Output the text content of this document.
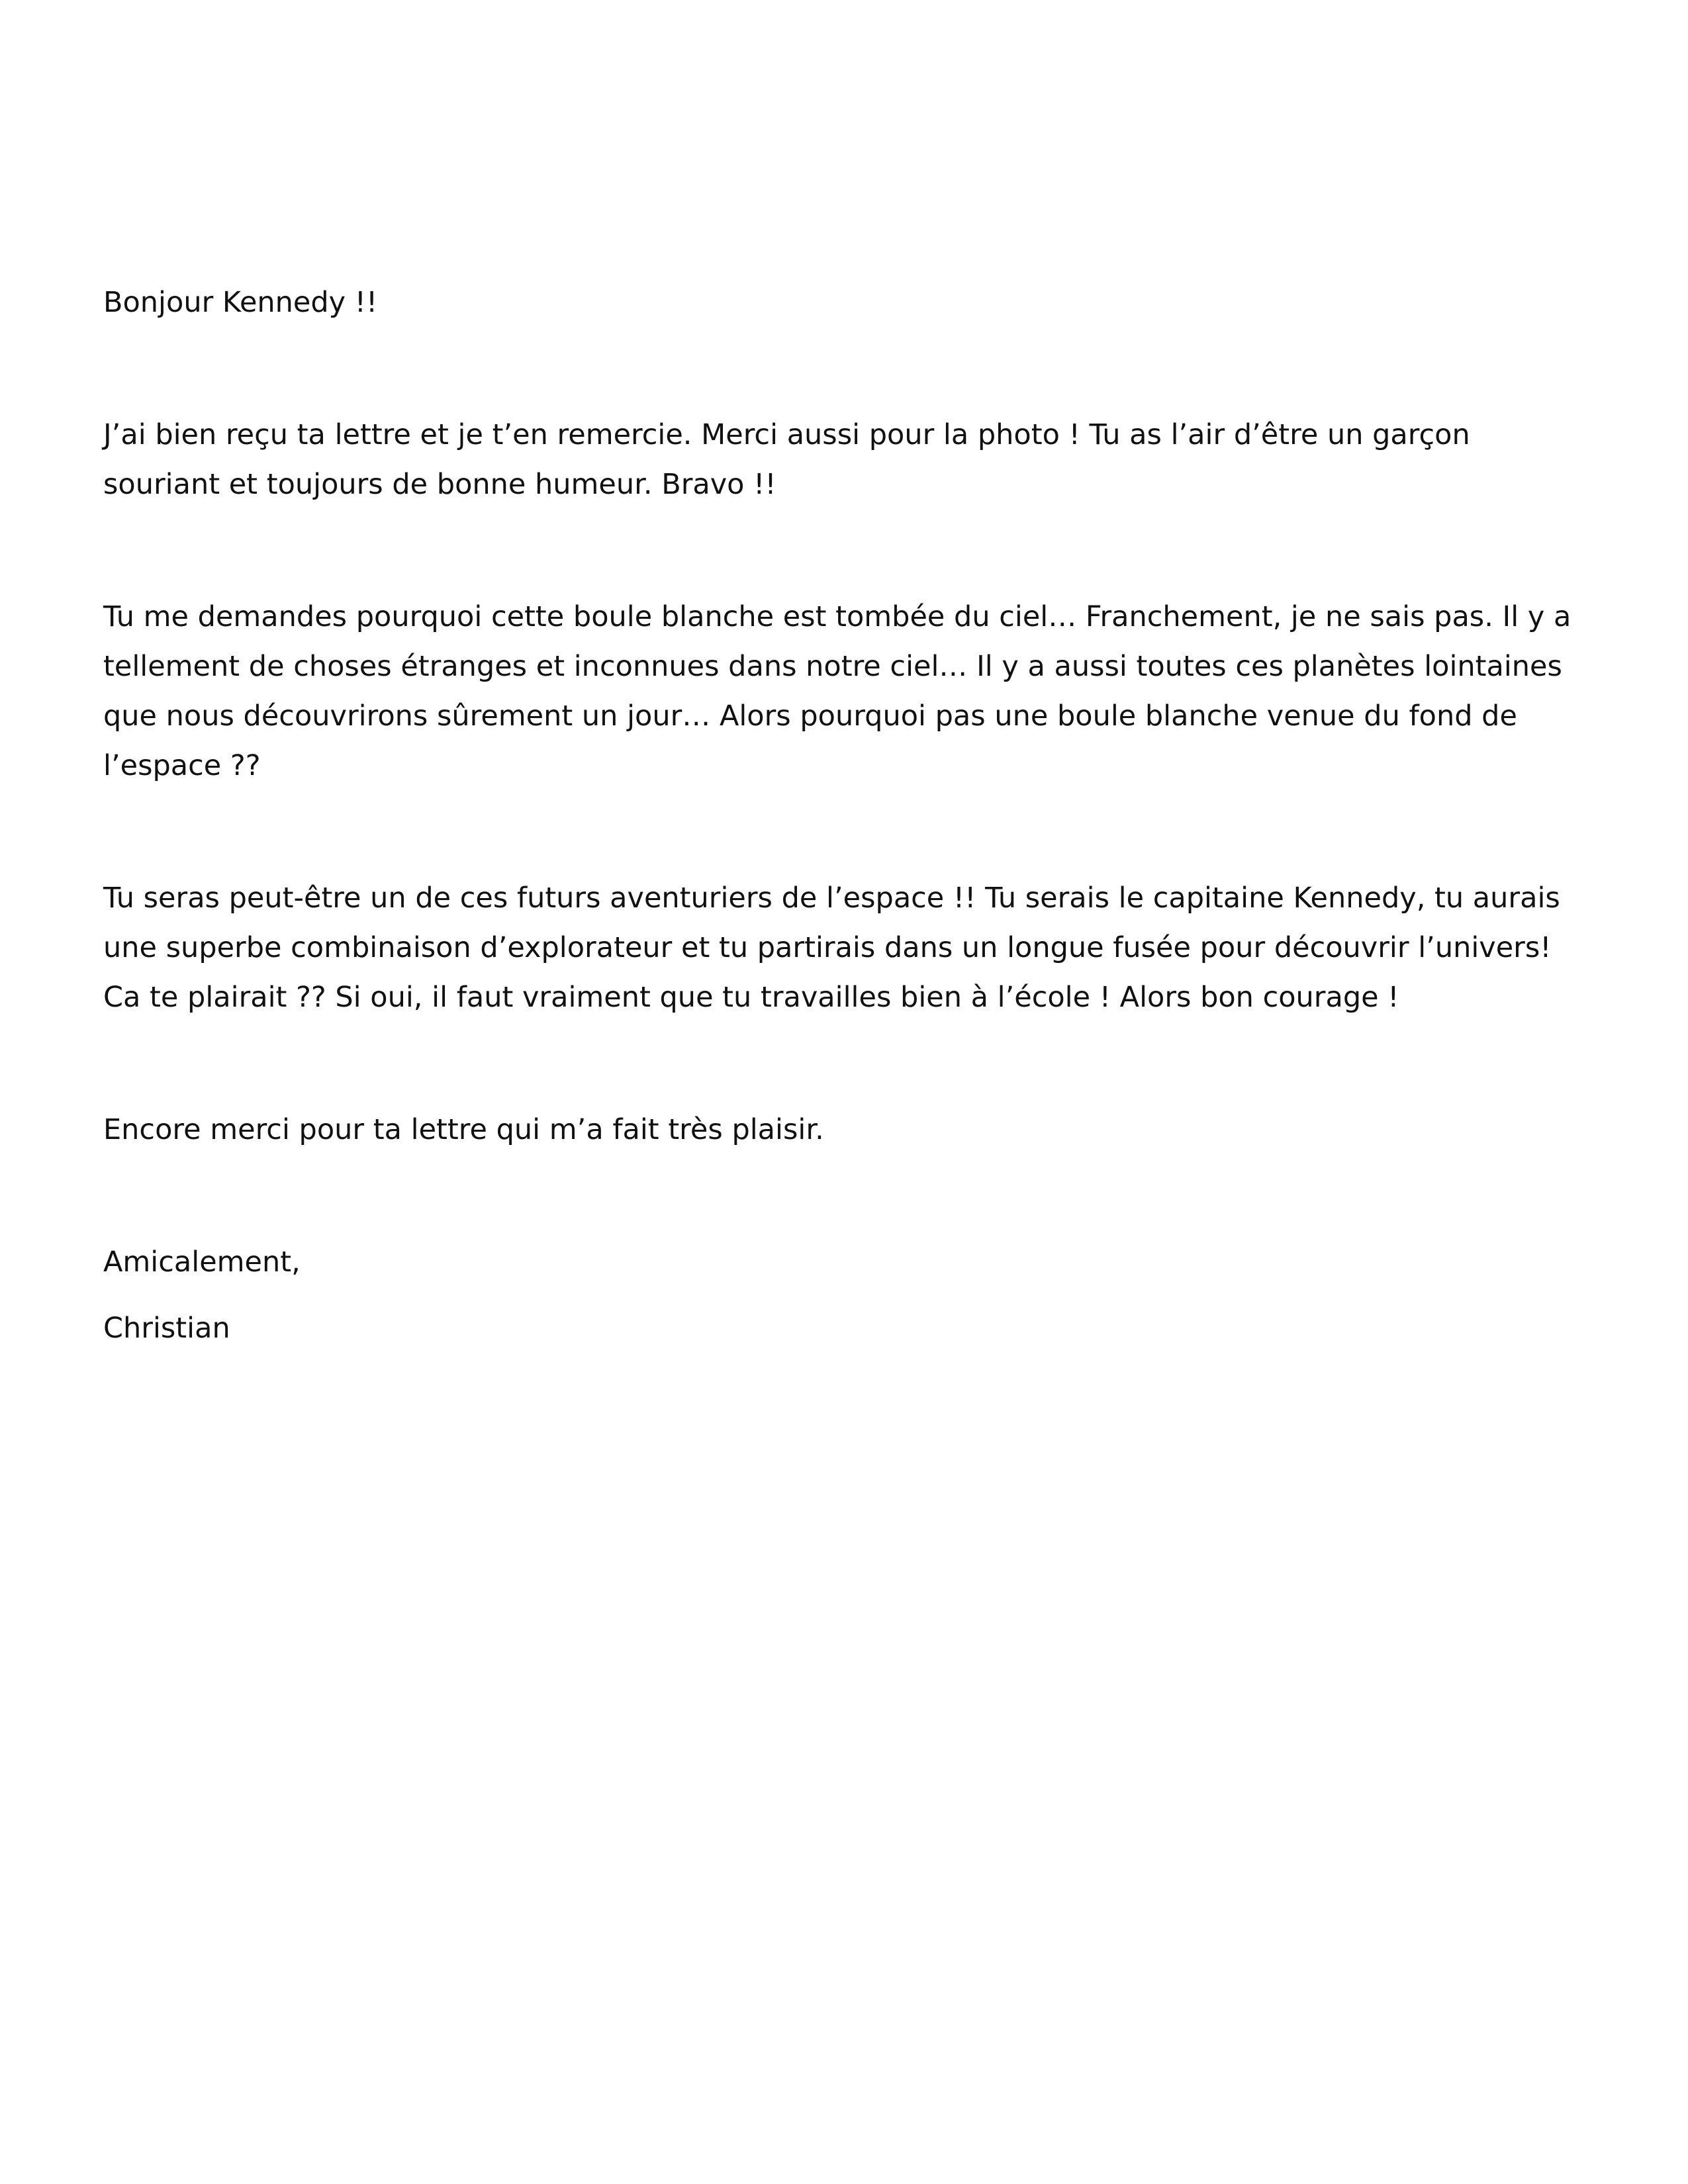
Bonjour Kennedy !!

J’ai bien reçu ta lettre et je t’en remercie. Merci aussi pour la photo ! Tu as l’air d’être un garçon
souriant et toujours de bonne humeur. Bravo !!

Tu me demandes pourquoi cette boule blanche est tombée du ciel… Franchement, je ne sais pas. Il y a
tellement de choses étranges et inconnues dans notre ciel… Il y a aussi toutes ces planètes lointaines
que nous découvrirons sûrement un jour… Alors pourquoi pas une boule blanche venue du fond de
l’espace ??

Tu seras peut-être un de ces futurs aventuriers de l’espace !! Tu serais le capitaine Kennedy, tu aurais
une superbe combinaison d’explorateur et tu partirais dans un longue fusée pour découvrir l’univers!
Ca te plairait ?? Si oui, il faut vraiment que tu travailles bien à l’école ! Alors bon courage !

Encore merci pour ta lettre qui m’a fait très plaisir.

Amicalement,

Christian
